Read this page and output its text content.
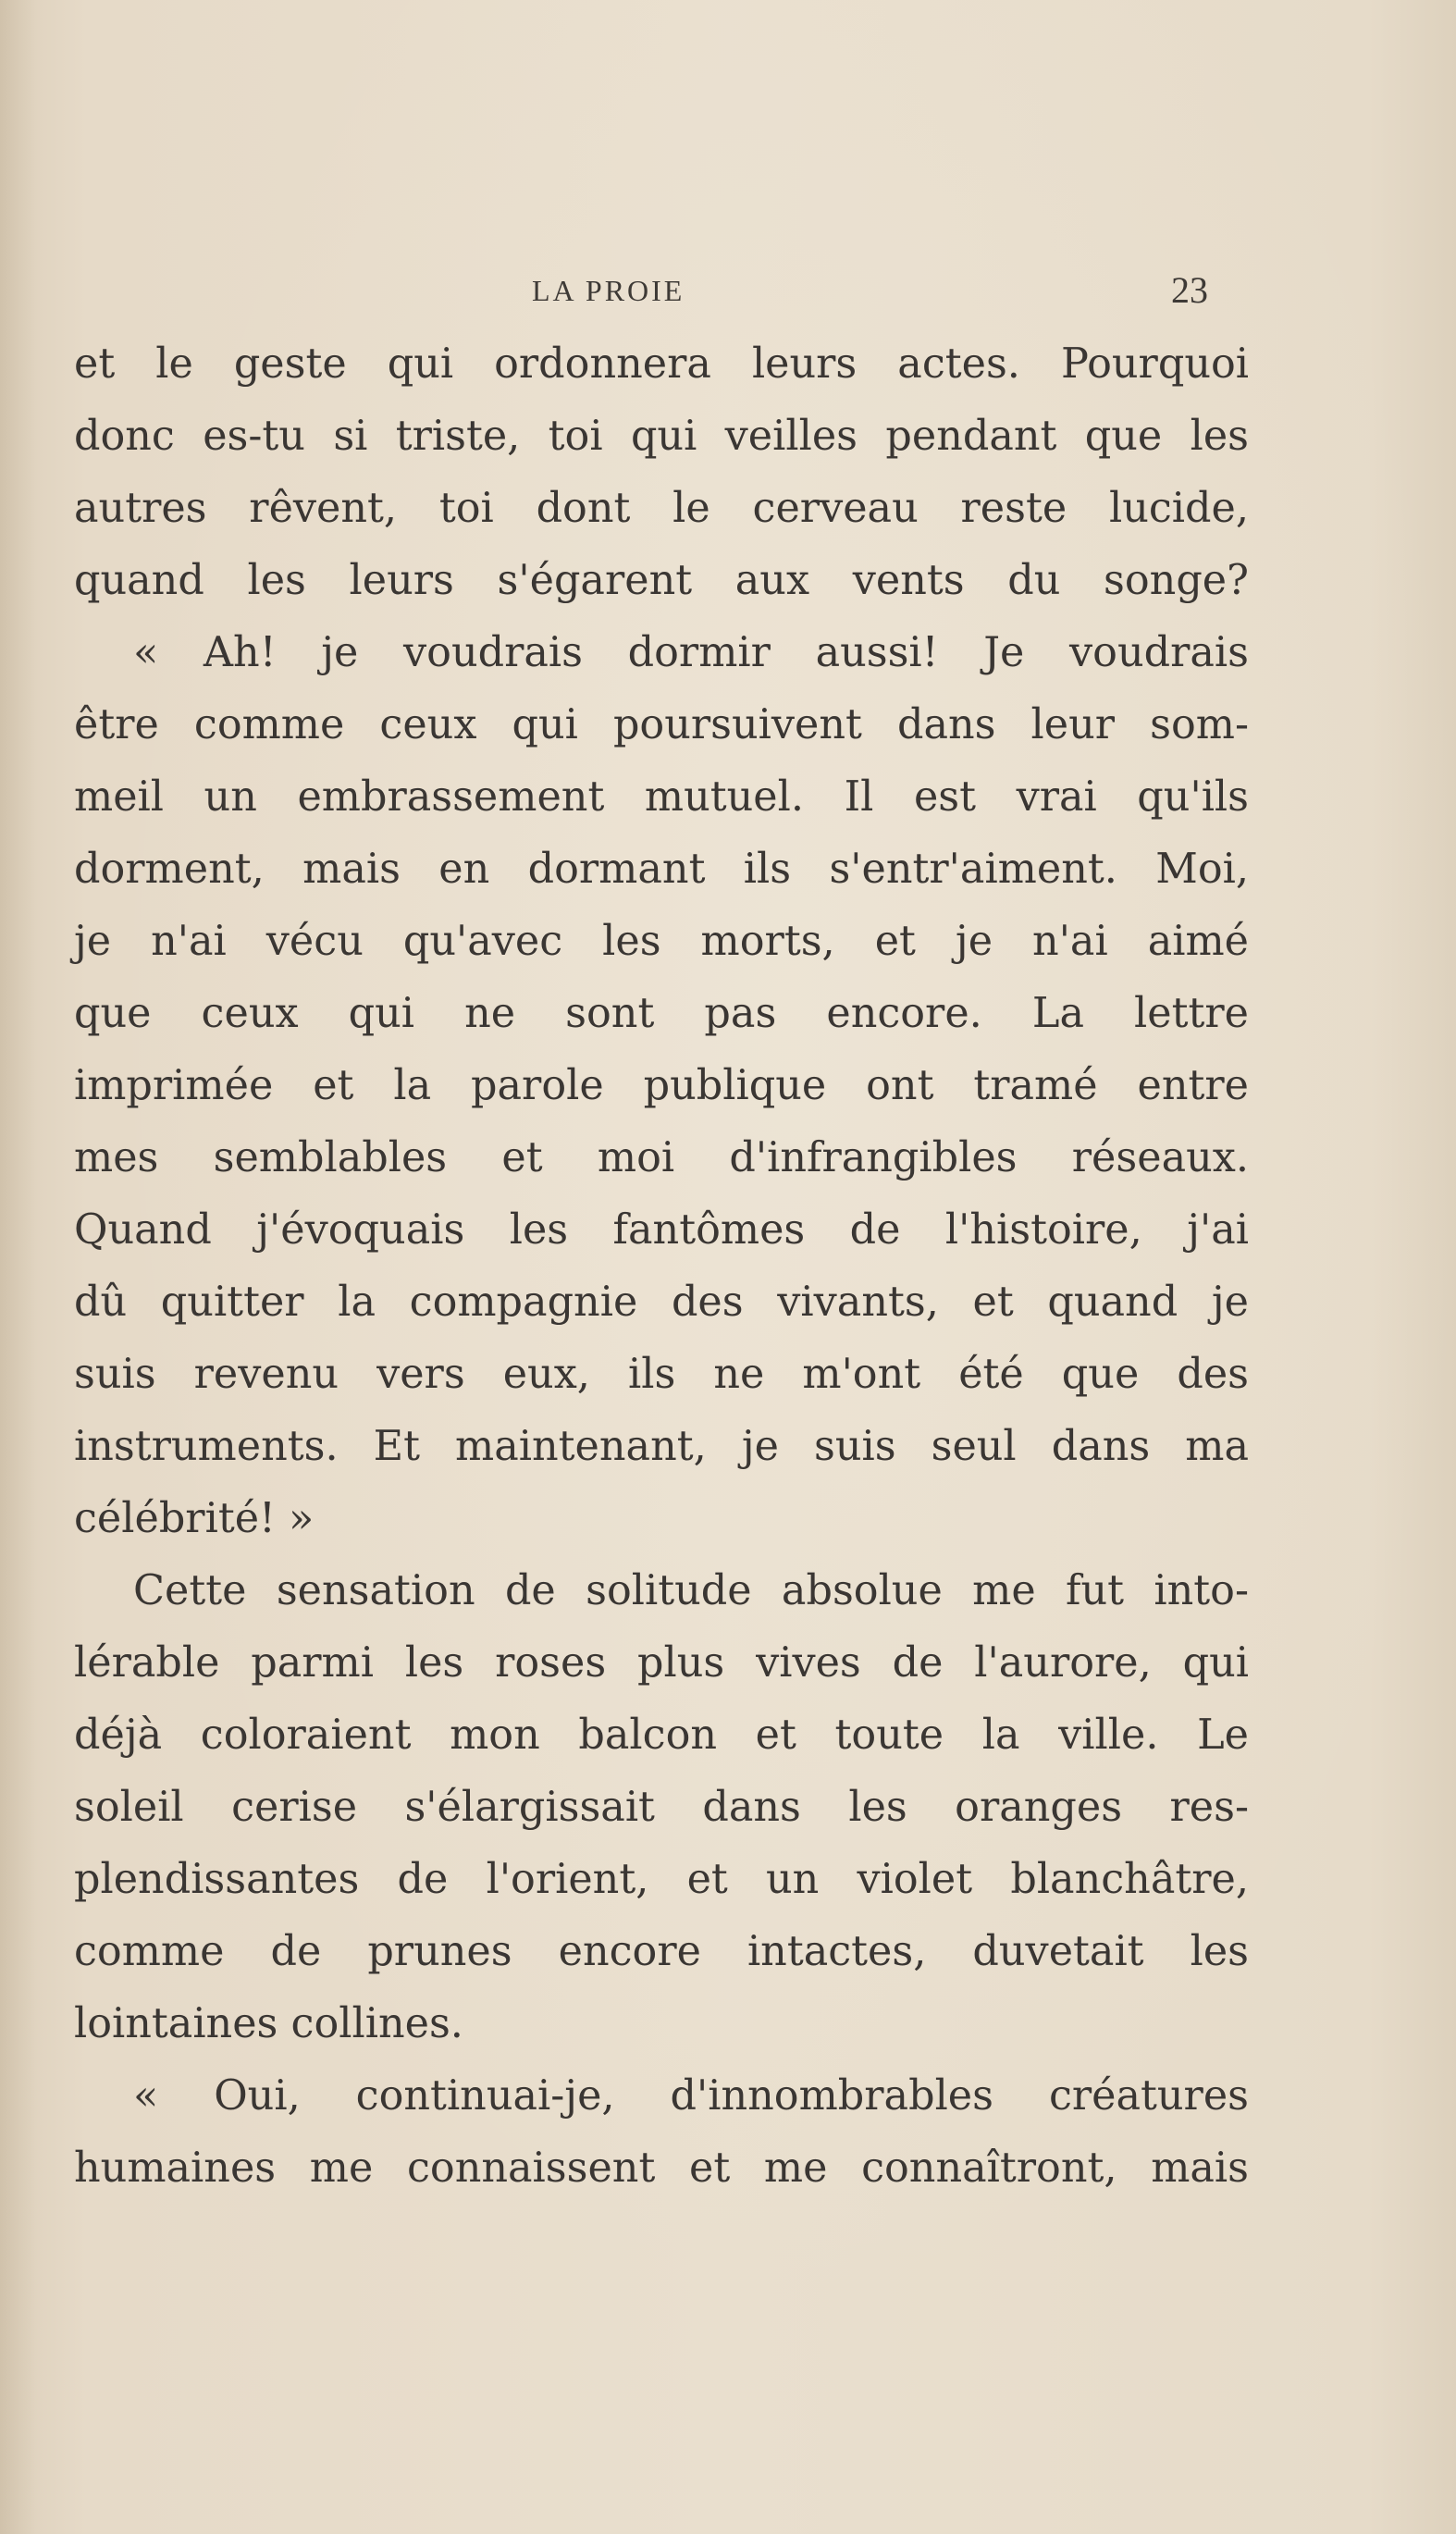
LA PROIE	23
et le geste qui ordonnera leurs actes. Pourquoi
donc es-tu si triste, toi qui veilles pendant que les
autres rêvent, toi dont le cerveau reste lucide,
quand les leurs s'égarent aux vents du songe?
« Ah! je voudrais dormir aussi! Je voudrais
être comme ceux qui poursuivent dans leur som-
meil un embrassement mutuel. Il est vrai qu'ils
dorment, mais en dormant ils s'entr'aiment. Moi,
je n'ai vécu qu'avec les morts, et je n'ai aimé
que ceux qui ne sont pas encore. La lettre
imprimée et la parole publique ont tramé entre
mes semblables et moi d'infrangibles réseaux.
Quand j'évoquais les fantômes de l'histoire, j'ai
dû quitter la compagnie des vivants, et quand je
suis revenu vers eux, ils ne m'ont été que des
instruments. Et maintenant, je suis seul dans ma
célébrité! »
Cette sensation de solitude absolue me fut into-
lérable parmi les roses plus vives de l'aurore, qui
déjà coloraient mon balcon et toute la ville. Le
soleil cerise s'élargissait dans les oranges res-
plendissantes de l'orient, et un violet blanchâtre,
comme de prunes encore intactes, duvetait les
lointaines collines.
« Oui, continuai-je, d'innombrables créatures
humaines me connaissent et me connaîtront, mais
